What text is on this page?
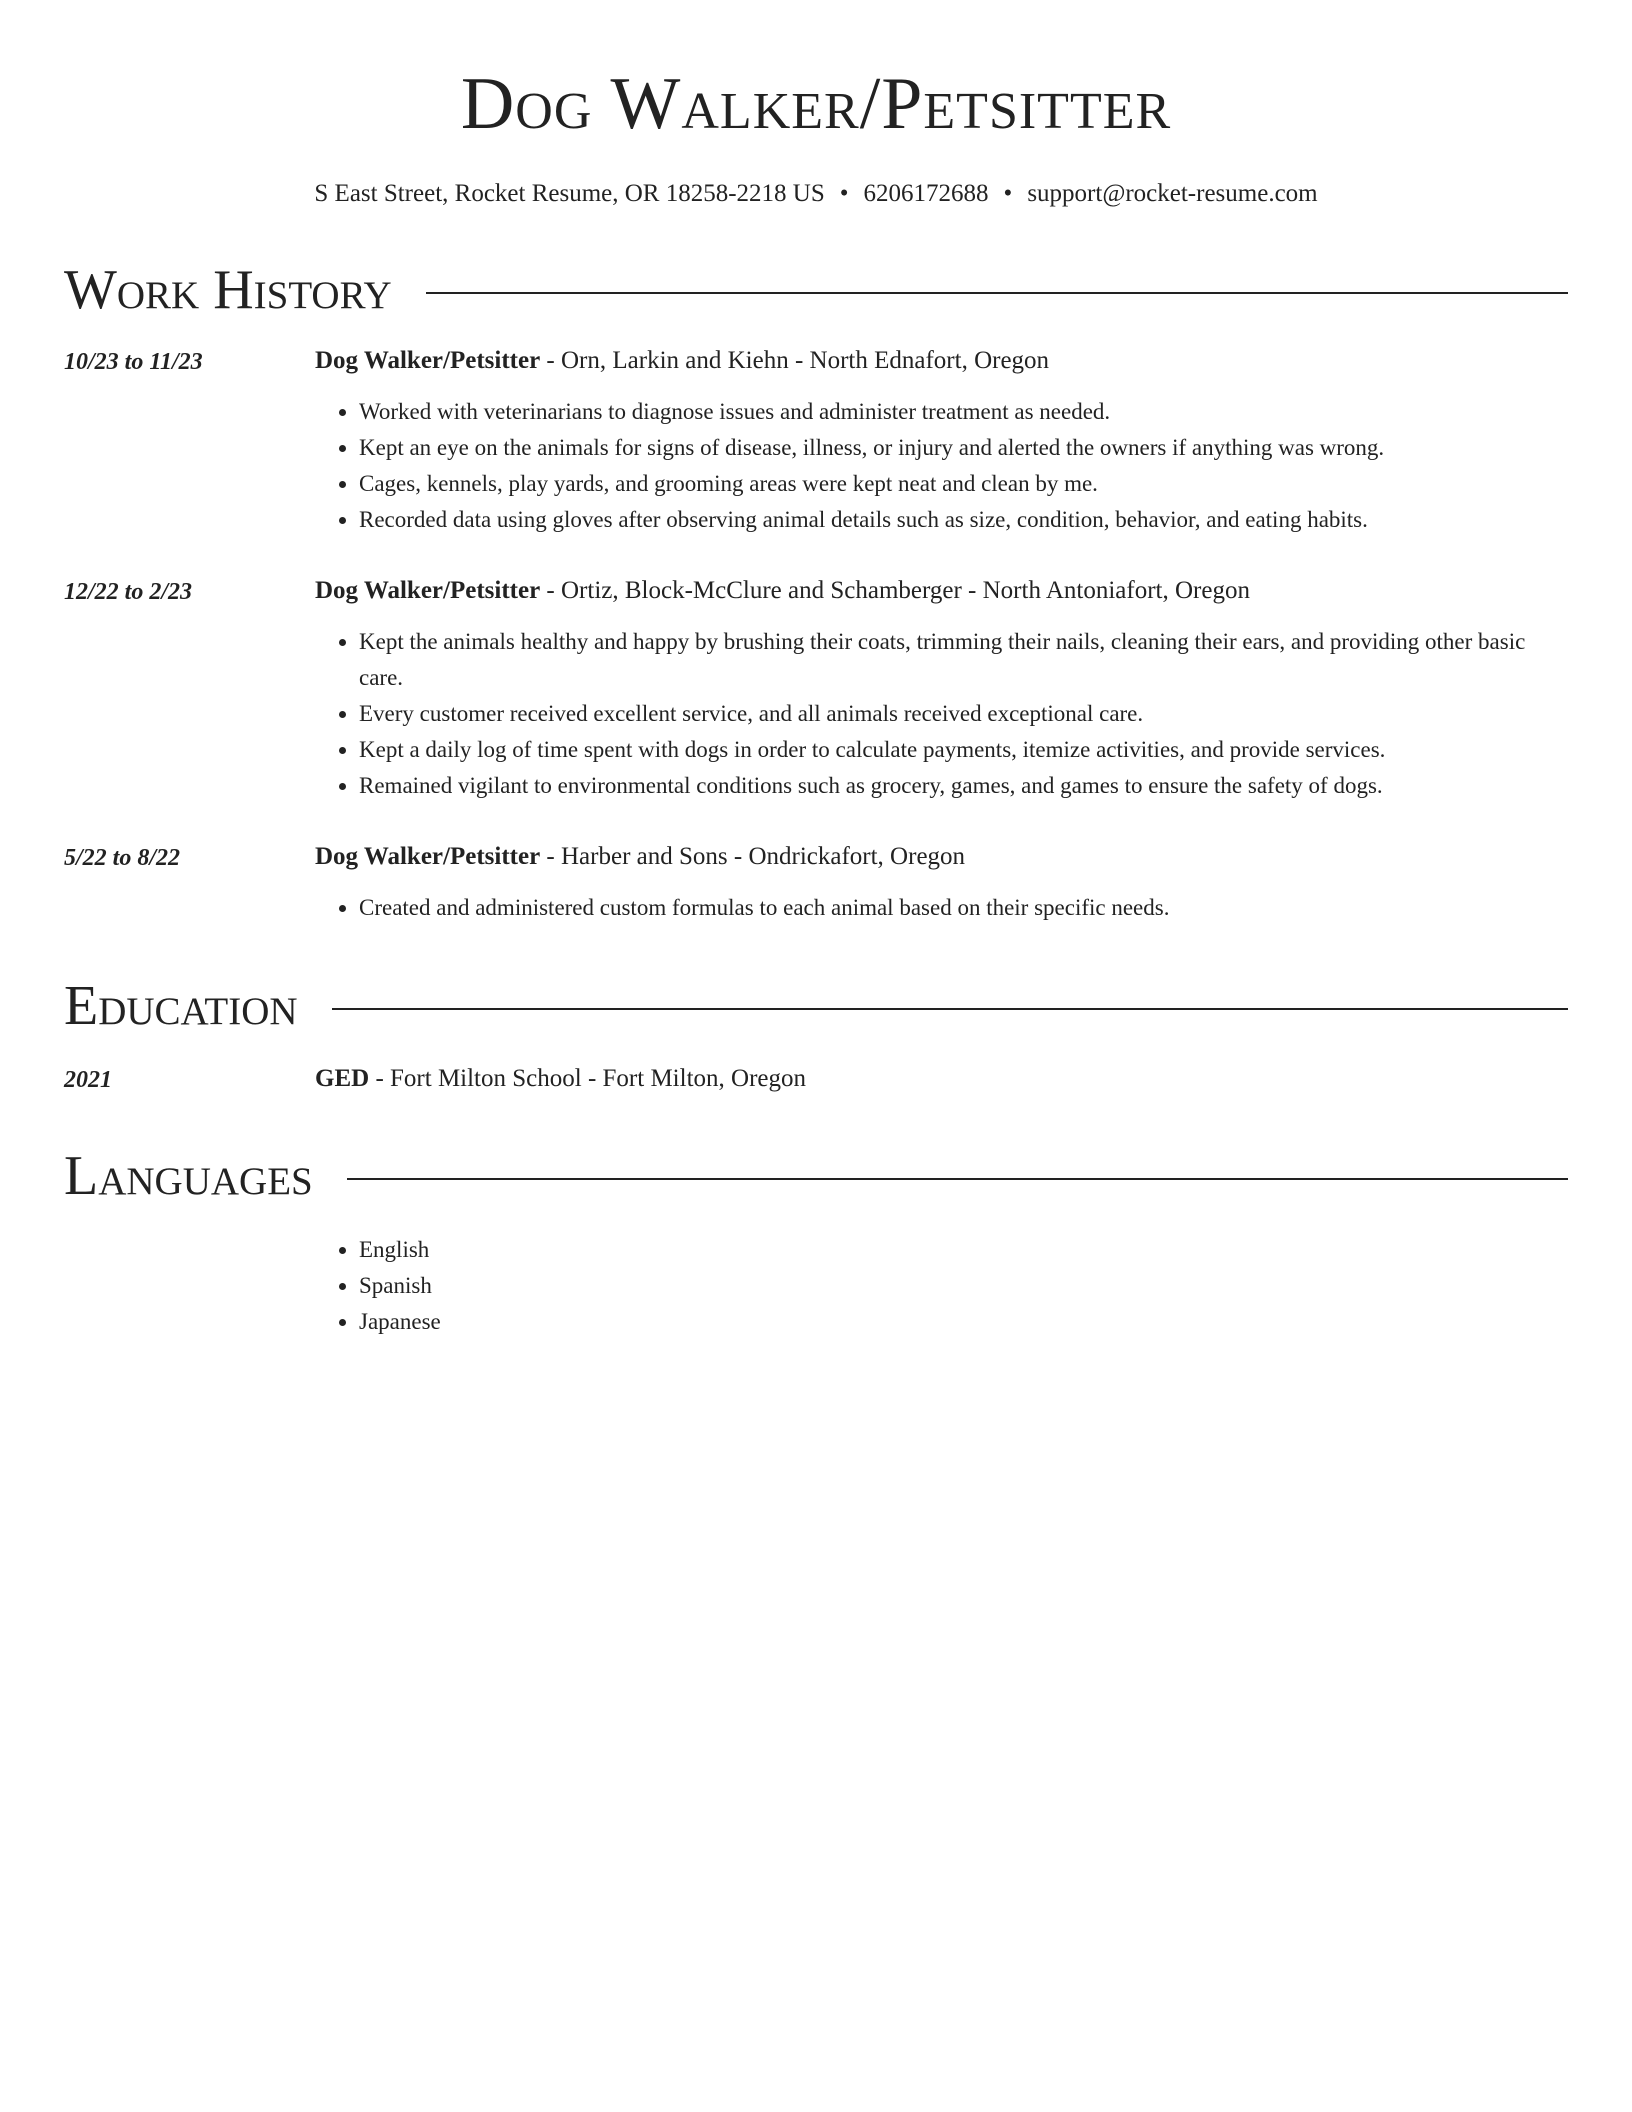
Dog Walker/Petsitter
S East Street, Rocket Resume, OR 18258-2218 US • 6206172688 • support@rocket-resume.com
Work History
10/23 to 11/23	Dog Walker/Petsitter - Orn, Larkin and Kiehn - North Ednafort, Oregon
• Worked with veterinarians to diagnose issues and administer treatment as needed.
• Kept an eye on the animals for signs of disease, illness, or injury and alerted the owners if anything was wrong.
• Cages, kennels, play yards, and grooming areas were kept neat and clean by me.
• Recorded data using gloves after observing animal details such as size, condition, behavior, and eating habits.
12/22 to 2/23	Dog Walker/Petsitter - Ortiz, Block-McClure and Schamberger - North Antoniafort, Oregon
• Kept the animals healthy and happy by brushing their coats, trimming their nails, cleaning their ears, and providing other basic care.
• Every customer received excellent service, and all animals received exceptional care.
• Kept a daily log of time spent with dogs in order to calculate payments, itemize activities, and provide services.
• Remained vigilant to environmental conditions such as grocery, games, and games to ensure the safety of dogs.
5/22 to 8/22	Dog Walker/Petsitter - Harber and Sons - Ondrickafort, Oregon
• Created and administered custom formulas to each animal based on their specific needs.
Education
2021	GED - Fort Milton School - Fort Milton, Oregon
Languages
• English
• Spanish
• Japanese
